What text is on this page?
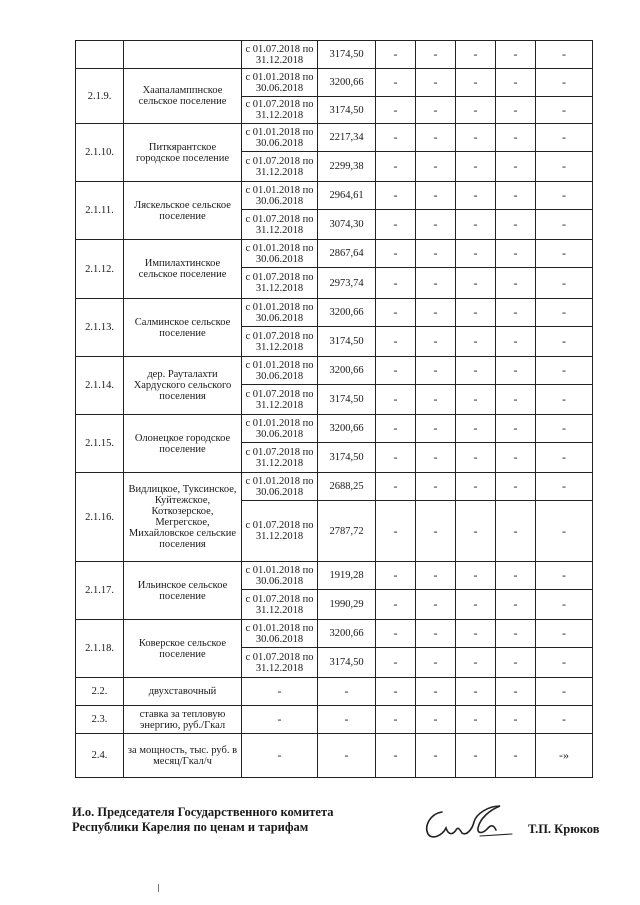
		с 01.07.2018 по 31.12.2018	3174,50	-	-	-	-	-
2.1.9.	Хаапаламппнское сельское поселение	с 01.01.2018 по 30.06.2018	3200,66	-	-	-	-	-
		с 01.07.2018 по 31.12.2018	3174,50	-	-	-	-	-
2.1.10.	Питкярантское городское поселение	с 01.01.2018 по 30.06.2018	2217,34	-	-	-	-	-
		с 01.07.2018 по 31.12.2018	2299,38	-	-	-	-	-
2.1.11.	Ляскельское сельское поселение	с 01.01.2018 по 30.06.2018	2964,61	-	-	-	-	-
		с 01.07.2018 по 31.12.2018	3074,30	-	-	-	-	-
2.1.12.	Импилахтинское сельское поселение	с 01.01.2018 по 30.06.2018	2867,64	-	-	-	-	-
		с 01.07.2018 по 31.12.2018	2973,74	-	-	-	-	-
2.1.13.	Салминское сельское поселение	с 01.01.2018 по 30.06.2018	3200,66	-	-	-	-	-
		с 01.07.2018 по 31.12.2018	3174,50	-	-	-	-	-
2.1.14.	дер. Рауталахти Хардуского сельского поселения	с 01.01.2018 по 30.06.2018	3200,66	-	-	-	-	-
		с 01.07.2018 по 31.12.2018	3174,50	-	-	-	-	-
2.1.15.	Олонецкое городское поселение	с 01.01.2018 по 30.06.2018	3200,66	-	-	-	-	-
		с 01.07.2018 по 31.12.2018	3174,50	-	-	-	-	-
2.1.16.	Видлицкое, Туксинское, Куйтежское, Коткозерское, Мегрегское, Михайловское сельские поселения	с 01.01.2018 по 30.06.2018	2688,25	-	-	-	-	-
		с 01.07.2018 по 31.12.2018	2787,72	-	-	-	-	-
2.1.17.	Ильинское сельское поселение	с 01.01.2018 по 30.06.2018	1919,28	-	-	-	-	-
		с 01.07.2018 по 31.12.2018	1990,29	-	-	-	-	-
2.1.18.	Коверское сельское поселение	с 01.01.2018 по 30.06.2018	3200,66	-	-	-	-	-
		с 01.07.2018 по 31.12.2018	3174,50	-	-	-	-	-
2.2.	двухставочный	-	-	-	-	-	-	-
2.3.	ставка за тепловую энергию, руб./Гкал	-	-	-	-	-	-	-
2.4.	за мощность, тыс. руб. в месяц/Гкал/ч	-	-	-	-	-	-	-»
И.о. Председателя Государственного комитета
Республики Карелия по ценам и тарифам	Т.П. Крюков
